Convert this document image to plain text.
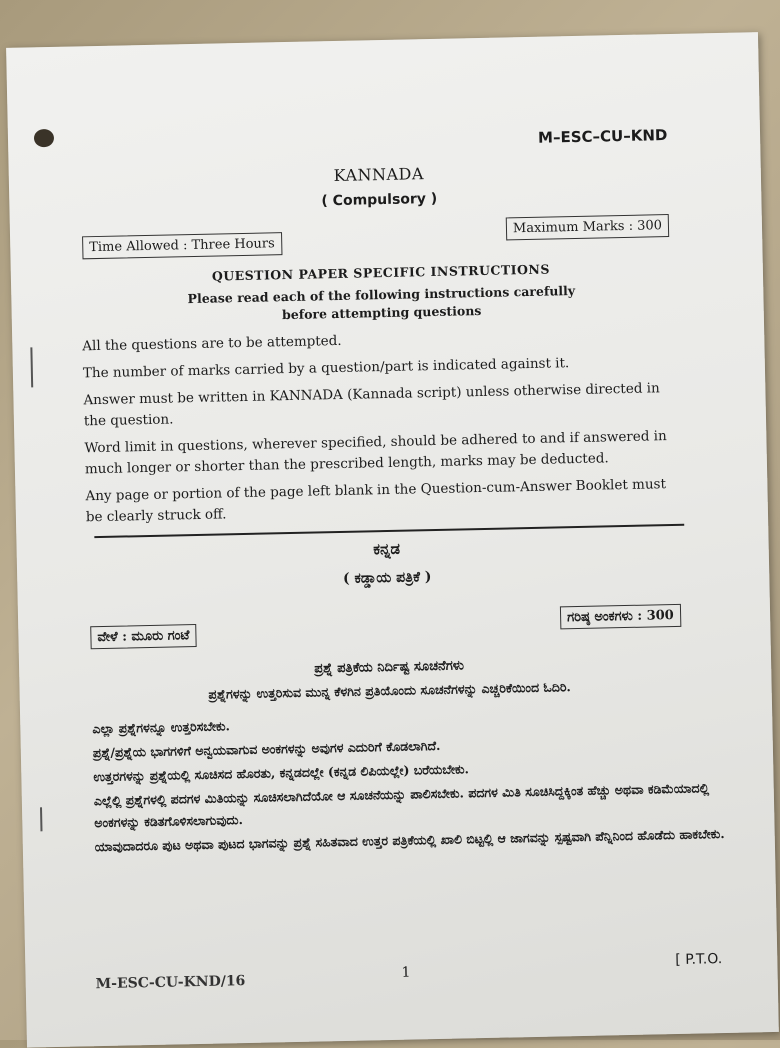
M–ESC–CU–KND
KANNADA
( Compulsory )
Time Allowed : Three Hours
Maximum Marks : 300
QUESTION PAPER SPECIFIC INSTRUCTIONS
Please read each of the following instructions carefully
before attempting questions

All the questions are to be attempted.

The number of marks carried by a question/part is indicated against it.

Answer must be written in KANNADA (Kannada script) unless otherwise directed in the question.

Word limit in questions, wherever specified, should be adhered to and if answered in much longer or shorter than the prescribed length, marks may be deducted.

Any page or portion of the page left blank in the Question-cum-Answer Booklet must be clearly struck off.

ಕನ್ನಡ
( ಕಡ್ಡಾಯ ಪತ್ರಿಕೆ )
ವೇಳೆ : ಮೂರು ಗಂಟೆ
ಗರಿಷ್ಠ ಅಂಕಗಳು : 300
ಪ್ರಶ್ನೆ ಪತ್ರಿಕೆಯ ನಿರ್ದಿಷ್ಟ ಸೂಚನೆಗಳು
ಪ್ರಶ್ನೆಗಳನ್ನು ಉತ್ತರಿಸುವ ಮುನ್ನ ಕೆಳಗಿನ ಪ್ರತಿಯೊಂದು ಸೂಚನೆಗಳನ್ನು ಎಚ್ಚರಿಕೆಯಿಂದ ಓದಿರಿ.

ಎಲ್ಲಾ ಪ್ರಶ್ನೆಗಳನ್ನೂ ಉತ್ತರಿಸಬೇಕು.

ಪ್ರಶ್ನೆ/ಪ್ರಶ್ನೆಯ ಭಾಗಗಳಿಗೆ ಅನ್ವಯವಾಗುವ ಅಂಕಗಳನ್ನು ಅವುಗಳ ಎದುರಿಗೆ ಕೊಡಲಾಗಿದೆ.

ಉತ್ತರಗಳನ್ನು ಪ್ರಶ್ನೆಯಲ್ಲಿ ಸೂಚಿಸದ ಹೊರತು, ಕನ್ನಡದಲ್ಲೇ (ಕನ್ನಡ ಲಿಪಿಯಲ್ಲೇ) ಬರೆಯಬೇಕು.

ಎಲ್ಲೆಲ್ಲಿ ಪ್ರಶ್ನೆಗಳಲ್ಲಿ ಪದಗಳ ಮಿತಿಯನ್ನು ಸೂಚಿಸಲಾಗಿದೆಯೋ ಆ ಸೂಚನೆಯನ್ನು ಪಾಲಿಸಬೇಕು. ಪದಗಳ ಮಿತಿ ಸೂಚಿಸಿದ್ದಕ್ಕಿಂತ ಹೆಚ್ಚು ಅಥವಾ ಕಡಿಮೆಯಾದಲ್ಲಿ ಅಂಕಗಳನ್ನು ಕಡಿತಗೊಳಿಸಲಾಗುವುದು.

ಯಾವುದಾದರೂ ಪುಟ ಅಥವಾ ಪುಟದ ಭಾಗವನ್ನು ಪ್ರಶ್ನೆ ಸಹಿತವಾದ ಉತ್ತರ ಪತ್ರಿಕೆಯಲ್ಲಿ ಖಾಲಿ ಬಿಟ್ಟಲ್ಲಿ ಆ ಜಾಗವನ್ನು ಸ್ಪಷ್ಟವಾಗಿ ಪೆನ್ನಿನಿಂದ ಹೊಡೆದು ಹಾಕಬೇಕು.

M-ESC-CU-KND/16
1
[ P.T.O.
